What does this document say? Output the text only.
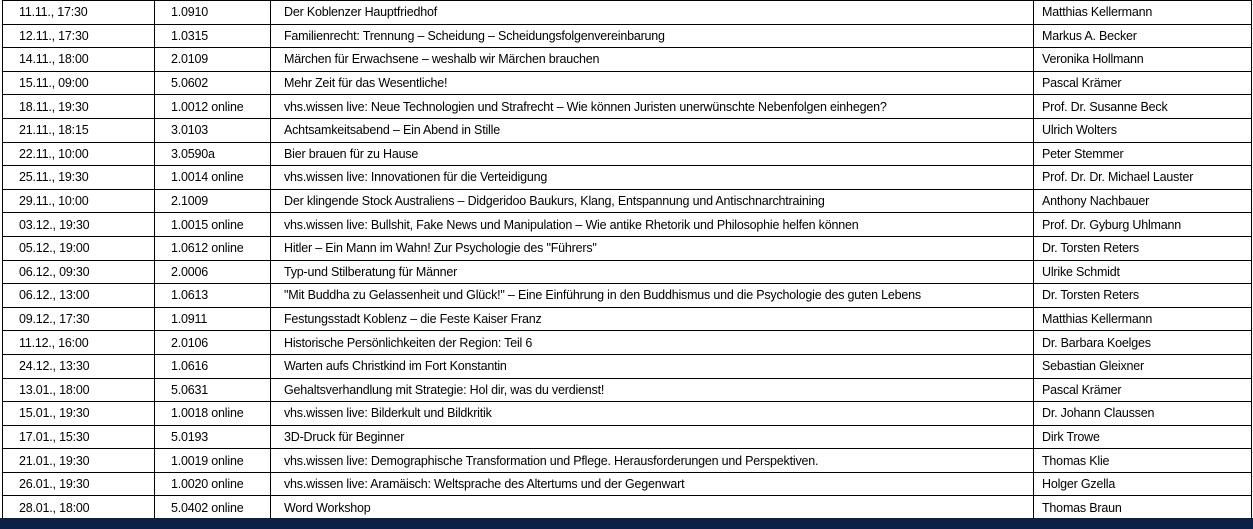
11.11., 17:30	1.0910	Der Koblenzer Hauptfriedhof	Matthias Kellermann
12.11., 17:30	1.0315	Familienrecht: Trennung – Scheidung – Scheidungsfolgenvereinbarung	Markus A. Becker
14.11., 18:00	2.0109	Märchen für Erwachsene – weshalb wir Märchen brauchen	Veronika Hollmann
15.11., 09:00	5.0602	Mehr Zeit für das Wesentliche!	Pascal Krämer
18.11., 19:30	1.0012 online	vhs.wissen live: Neue Technologien und Strafrecht – Wie können Juristen unerwünschte Nebenfolgen einhegen?	Prof. Dr. Susanne Beck
21.11., 18:15	3.0103	Achtsamkeitsabend – Ein Abend in Stille	Ulrich Wolters
22.11., 10:00	3.0590a	Bier brauen für zu Hause	Peter Stemmer
25.11., 19:30	1.0014 online	vhs.wissen live: Innovationen für die Verteidigung	Prof. Dr. Dr. Michael Lauster
29.11., 10:00	2.1009	Der klingende Stock Australiens – Didgeridoo Baukurs, Klang, Entspannung und Antischnarchtraining	Anthony Nachbauer
03.12., 19:30	1.0015 online	vhs.wissen live: Bullshit, Fake News und Manipulation – Wie antike Rhetorik und Philosophie helfen können	Prof. Dr. Gyburg Uhlmann
05.12., 19:00	1.0612 online	Hitler – Ein Mann im Wahn! Zur Psychologie des "Führers"	Dr. Torsten Reters
06.12., 09:30	2.0006	Typ-und Stilberatung für Männer	Ulrike Schmidt
06.12., 13:00	1.0613	"Mit Buddha zu Gelassenheit und Glück!" – Eine Einführung in den Buddhismus und die Psychologie des guten Lebens	Dr. Torsten Reters
09.12., 17:30	1.0911	Festungsstadt Koblenz – die Feste Kaiser Franz	Matthias Kellermann
11.12., 16:00	2.0106	Historische Persönlichkeiten der Region: Teil 6	Dr. Barbara Koelges
24.12., 13:30	1.0616	Warten aufs Christkind im Fort Konstantin	Sebastian Gleixner
13.01., 18:00	5.0631	Gehaltsverhandlung mit Strategie: Hol dir, was du verdienst!	Pascal Krämer
15.01., 19:30	1.0018 online	vhs.wissen live: Bilderkult und Bildkritik	Dr. Johann Claussen
17.01., 15:30	5.0193	3D-Druck für Beginner	Dirk Trowe
21.01., 19:30	1.0019 online	vhs.wissen live: Demographische Transformation und Pflege. Herausforderungen und Perspektiven.	Thomas Klie
26.01., 19:30	1.0020 online	vhs.wissen live: Aramäisch: Weltsprache des Altertums und der Gegenwart	Holger Gzella
28.01., 18:00	5.0402 online	Word Workshop	Thomas Braun
